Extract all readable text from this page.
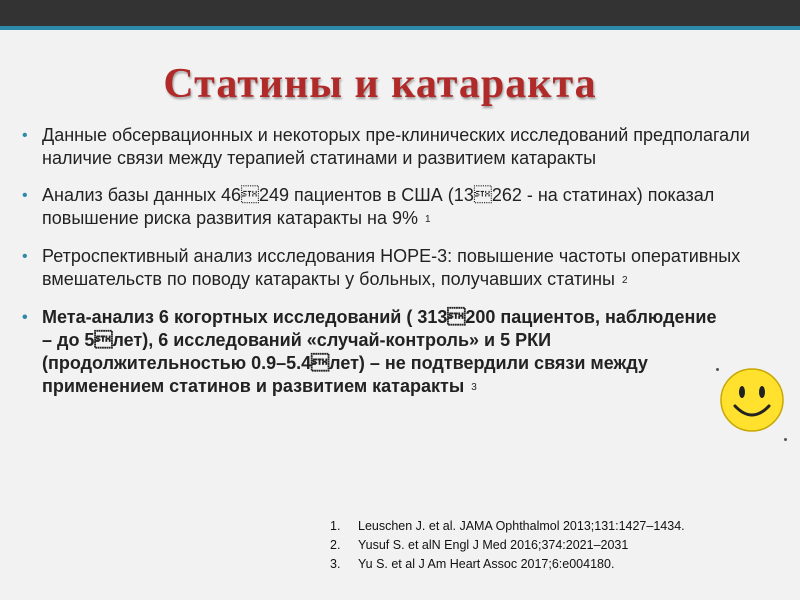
Статины и катаракта
• Данные обсервационных и некоторых пре-клинических исследований предполагали наличие связи между терапией статинами и развитием катаракты
• Анализ базы данных 46249 пациентов в США (13262 - на статинах) показал повышение риска развития катаракты на 9% $^1$
• Ретроспективный анализ исследования HOPE-3: повышение частоты оперативных вмешательств по поводу катаракты у больных, получавших статины $^2$
• Мета-анализ 6 когортных исследований ( 313200 пациентов, наблюдение – до 5лет), 6 исследований «случай-контроль» и 5 РКИ (продолжительностью 0.9–5.4лет) – не подтвердили связи между применением статинов и развитием катаракты $^3$
1. Leuschen J. et al. JAMA Ophthalmol 2013;131:1427–1434.
2. Yusuf S. et alN Engl J Med 2016;374:2021–2031
3. Yu S. et al J Am Heart Assoc 2017;6:e004180.
